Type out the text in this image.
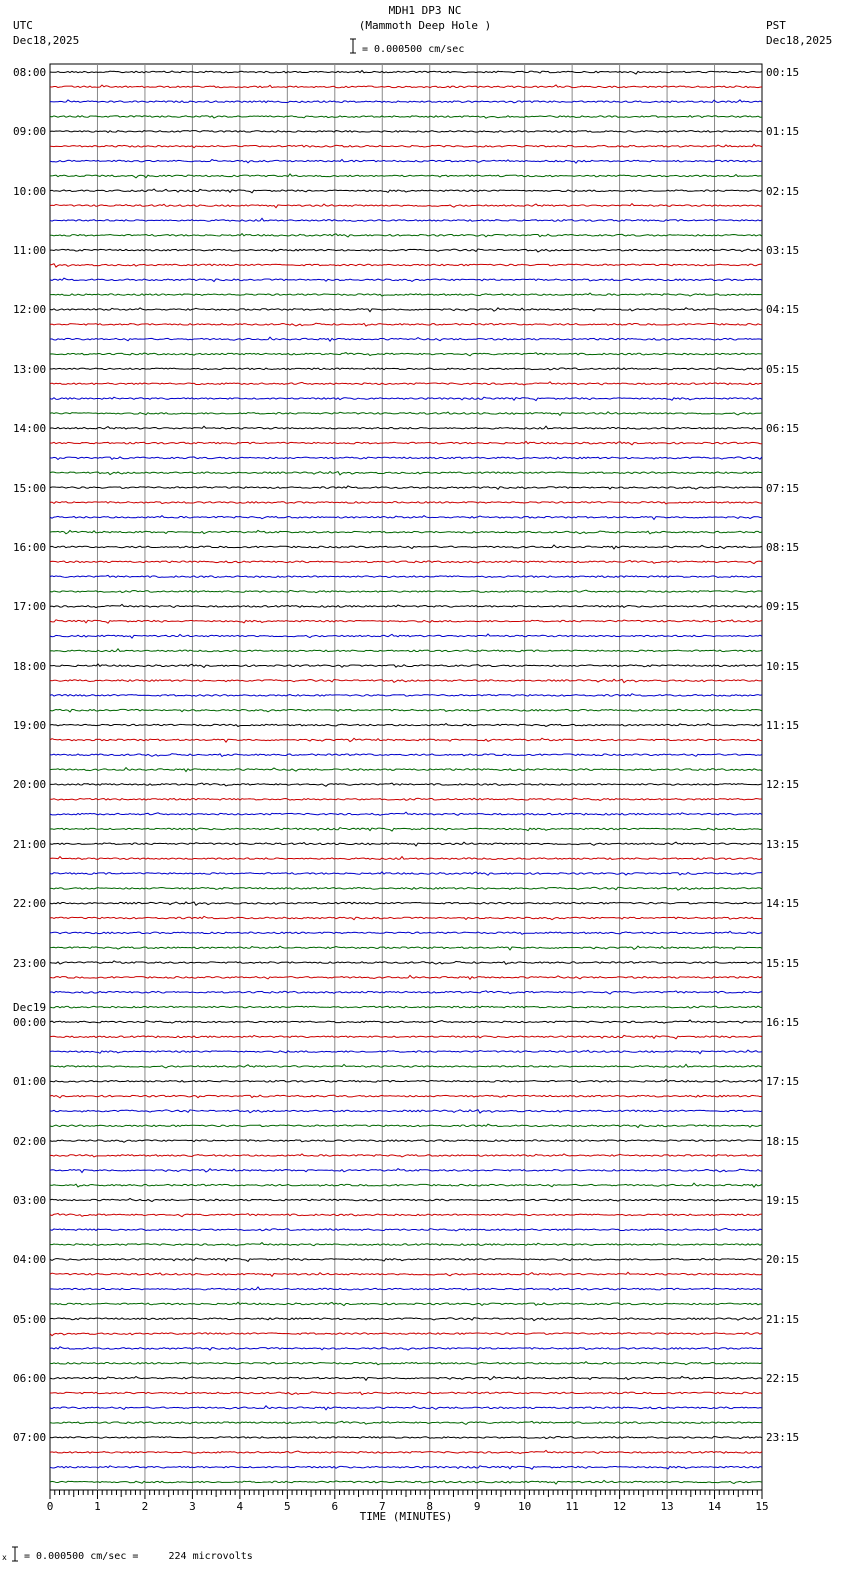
MDH1 DP3 NC
(Mammoth Deep Hole )
UTC
Dec18,2025
PST
Dec18,2025
= 0.000500 cm/sec
0	1	2	3	4	5	6	7	8	9	10	11	12	13	14	15
TIME (MINUTES)
08:00	00:15
09:00	01:15
10:00	02:15
11:00	03:15
12:00	04:15
13:00	05:15
14:00	06:15
15:00	07:15
16:00	08:15
17:00	09:15
18:00	10:15
19:00	11:15
20:00	12:15
21:00	13:15
22:00	14:15
23:00	15:15
00:00
Dec19
16:15
01:00	17:15
02:00	18:15
03:00	19:15
04:00	20:15
05:00	21:15
06:00	22:15
07:00	23:15
x = 0.000500 cm/sec =     224 microvolts
